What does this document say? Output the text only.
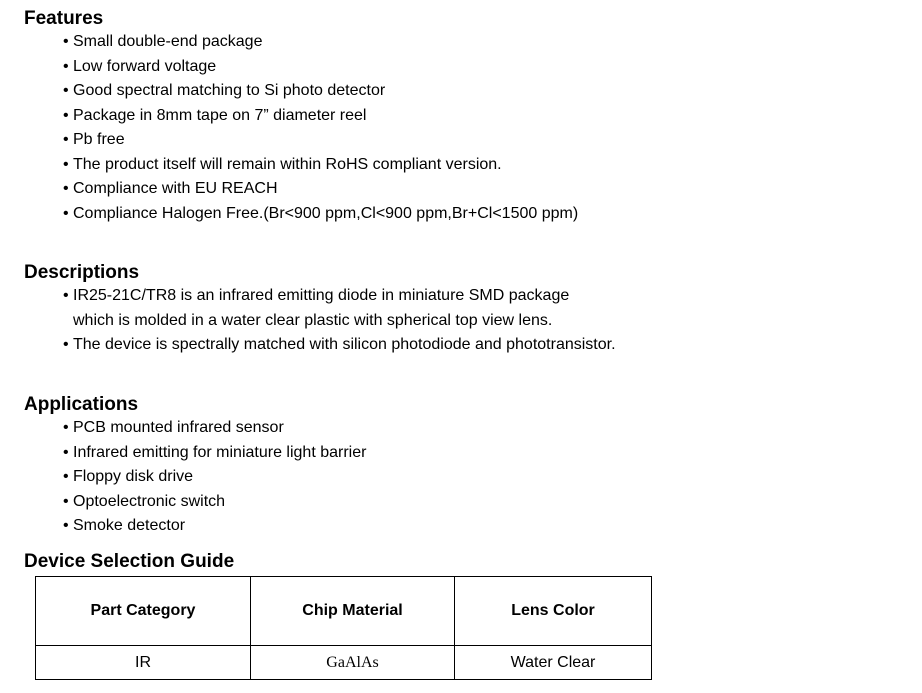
Features
• Small double-end package
• Low forward voltage
• Good spectral matching to Si photo detector
• Package in 8mm tape on 7” diameter reel
• Pb free
• The product itself will remain within RoHS compliant version.
• Compliance with EU REACH
• Compliance Halogen Free.(Br<900 ppm,Cl<900 ppm,Br+Cl<1500 ppm)
Descriptions
• IR25-21C/TR8 is an infrared emitting diode in miniature SMD package
which is molded in a water clear plastic with spherical top view lens.
• The device is spectrally matched with silicon photodiode and phototransistor.
Applications
• PCB mounted infrared sensor
• Infrared emitting for miniature light barrier
• Floppy disk drive
• Optoelectronic switch
• Smoke detector
Device Selection Guide
Part Category	Chip Material	Lens Color
IR	GaAlAs	Water Clear
